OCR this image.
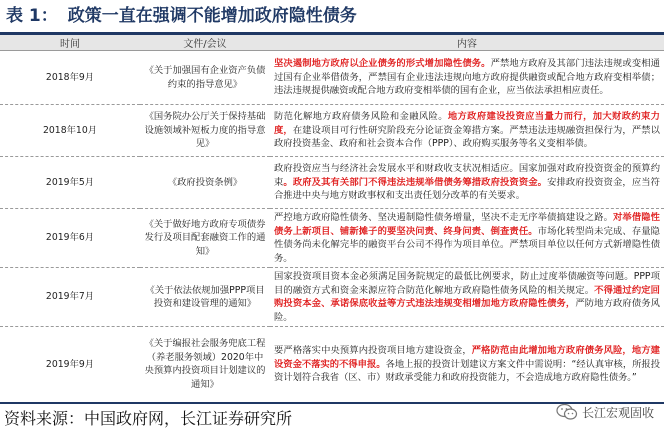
表 1： 政策一直在强调不能增加政府隐性债务
时间	文件/会议	内容
2018年9月	《关于加强国有企业资产负债约束的指导意见》	坚决遏制地方政府以企业债务的形式增加隐性债务。严禁地方政府及其部门违法违规或变相通过国有企业举借债务，严禁国有企业违法违规向地方政府提供融资或配合地方政府变相举债；违法违规提供融资或配合地方政府变相举债的国有企业，应当依法承担相应责任。
2018年10月	《国务院办公厅关于保持基础设施领域补短板力度的指导意见》	防范化解地方政府债务风险和金融风险。地方政府建设投资应当量力而行，加大财政约束力度，在建设项目可行性研究阶段充分论证资金筹措方案。严禁违法违规融资担保行为，严禁以政府投资基金、政府和社会资本合作（PPP）、政府购买服务等名义变相举债。
2019年5月	《政府投资条例》	政府投资应当与经济社会发展水平和财政收支状况相适应。国家加强对政府投资资金的预算约束。政府及其有关部门不得违法违规举借债务筹措政府投资资金。安排政府投资资金，应当符合推进中央与地方财政事权和支出责任划分改革的有关要求。
2019年6月	《关于做好地方政府专项债券发行及项目配套融资工作的通知》	严控地方政府隐性债务、坚决遏制隐性债务增量，坚决不走无序举债搞建设之路。对举借隐性债务上新项目、铺新摊子的要坚决问责、终身问责、倒查责任。市场化转型尚未完成、存量隐性债务尚未化解完毕的融资平台公司不得作为项目单位。严禁项目单位以任何方式新增隐性债务。
2019年7月	《关于依法依规加强PPP项目投资和建设管理的通知》	国家投资项目资本金必须满足国务院规定的最低比例要求，防止过度举债融资等问题。PPP项目的融资方式和资金来源应符合防范化解地方政府隐性债务风险的相关规定。不得通过约定回购投资本金、承诺保底收益等方式违法违规变相增加地方政府隐性债务，严防地方政府债务风险。
2019年9月	《关于编报社会服务兜底工程（养老服务领域）2020年中央预算内投资项目计划建议的通知》	要严格落实中央预算内投资项目地方建设资金，严格防范由此增加地方政府债务风险，地方建设资金不落实的不得申报。各地上报的投资计划建议方案文件中需说明：“经认真审核，所报投资计划符合我省（区、市）财政承受能力和政府投资能力，不会造成地方政府隐性债务。”
资料来源：中国政府网，长江证券研究所	长江宏观固收
